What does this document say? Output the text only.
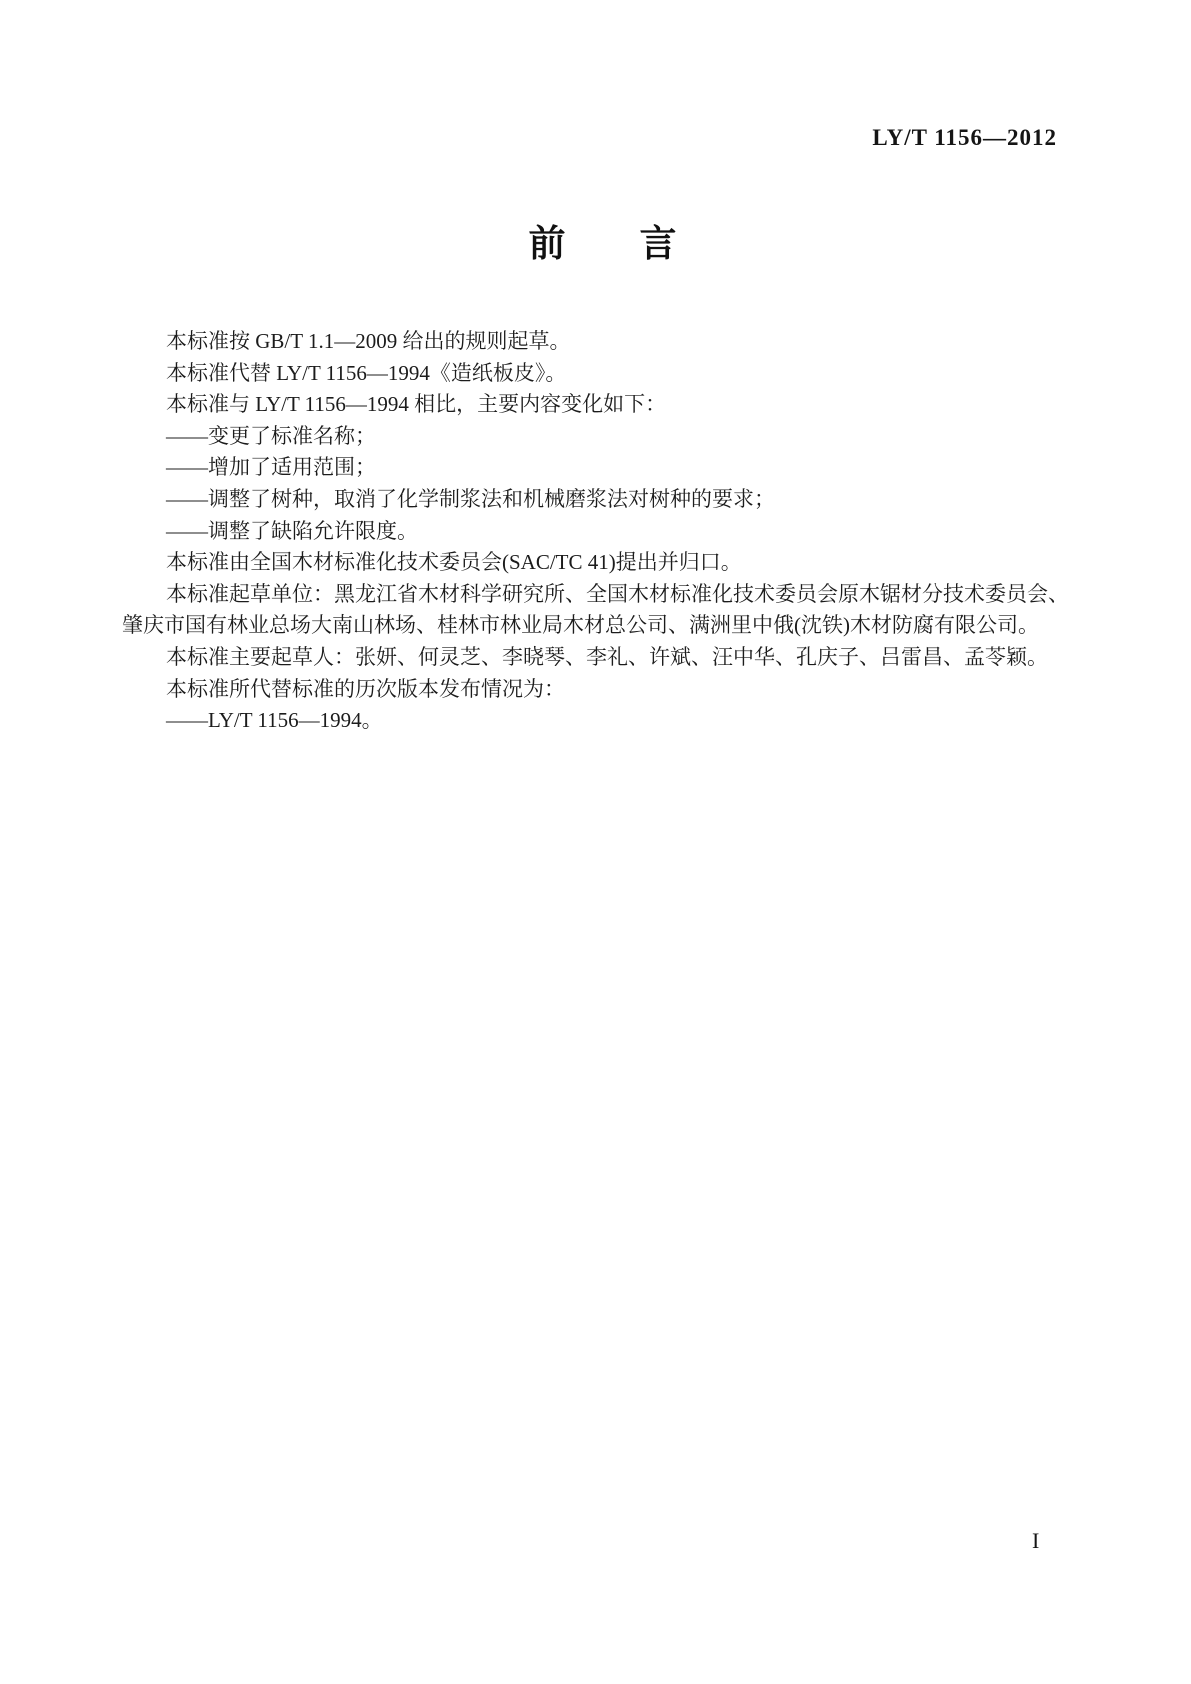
LY/T 1156—2012
前　　言
本标准按 GB/T 1.1—2009 给出的规则起草。
本标准代替 LY/T 1156—1994《造纸板皮》。
本标准与 LY/T 1156—1994 相比，主要内容变化如下：
——变更了标准名称；
——增加了适用范围；
——调整了树种，取消了化学制浆法和机械磨浆法对树种的要求；
——调整了缺陷允许限度。
本标准由全国木材标准化技术委员会(SAC/TC 41)提出并归口。
本标准起草单位：黑龙江省木材科学研究所、全国木材标准化技术委员会原木锯材分技术委员会、
肇庆市国有林业总场大南山林场、桂林市林业局木材总公司、满洲里中俄(沈铁)木材防腐有限公司。
本标准主要起草人：张妍、何灵芝、李晓琴、李礼、许斌、汪中华、孔庆子、吕雷昌、孟苓颖。
本标准所代替标准的历次版本发布情况为：
——LY/T 1156—1994。
I
